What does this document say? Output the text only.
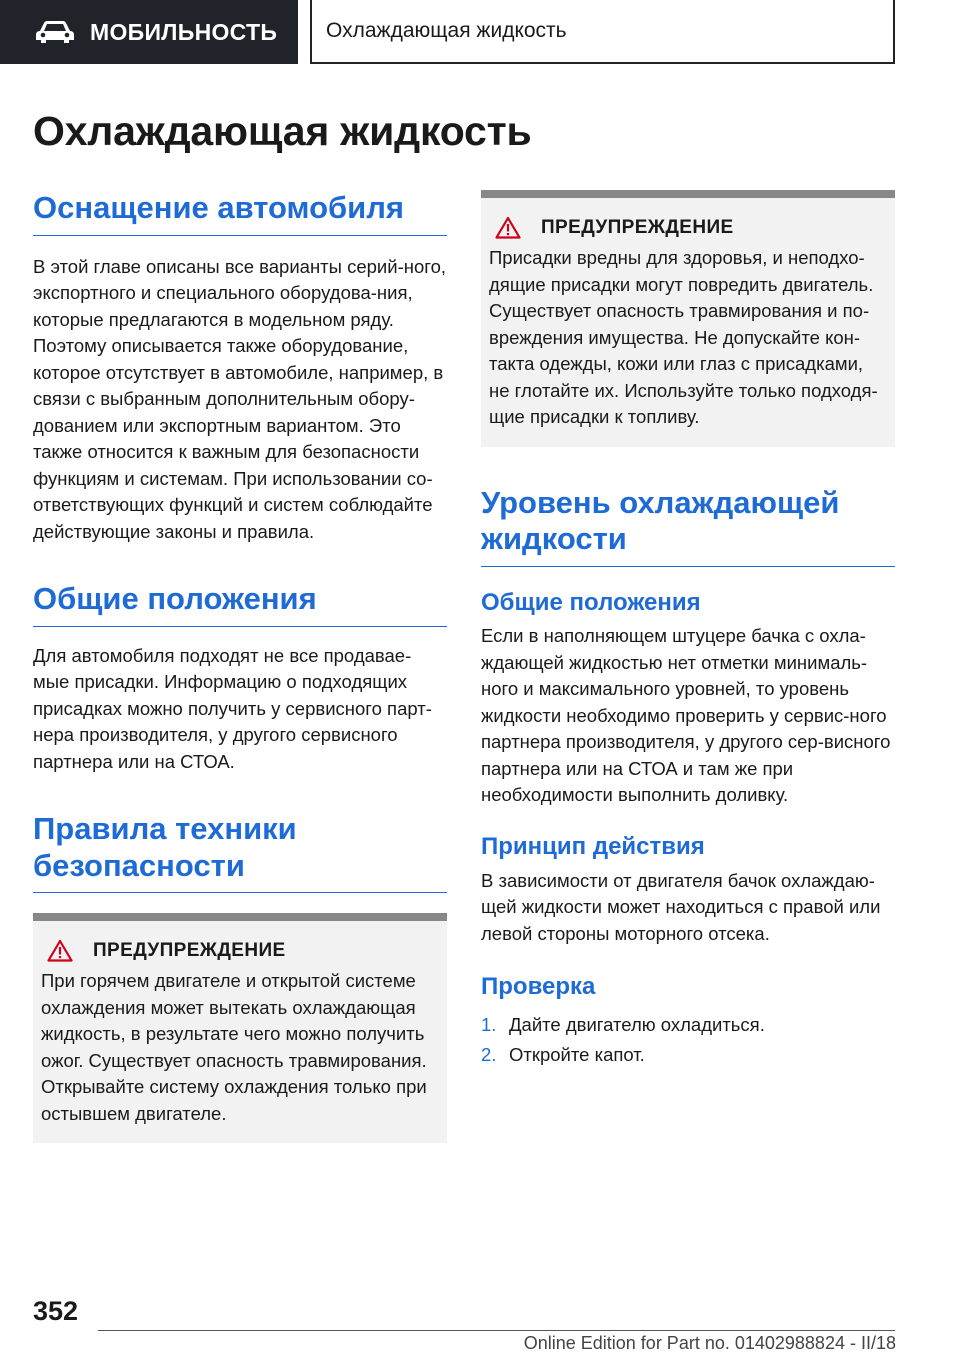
МОБИЛЬНОСТЬ	Охлаждающая жидкость
Охлаждающая жидкость
Оснащение автомобиля

В этой главе описаны все варианты серий-ного, экспортного и специального оборудова-ния, которые предлагаются в модельном ряду. Поэтому описывается также оборудование, которое отсутствует в автомобиле, например, в связи с выбранным дополнительным обору-дованием или экспортным вариантом. Это также относится к важным для безопасности функциям и системам. При использовании со-ответствующих функций и систем соблюдайте действующие законы и правила.

Общие положения

Для автомобиля подходят не все продавае-мые присадки. Информацию о подходящих присадках можно получить у сервисного парт-нера производителя, у другого сервисного партнера или на СТОА.

Правила техники безопасности
ПРЕДУПРЕЖДЕНИЕ

При горячем двигателе и открытой системе охлаждения может вытекать охлаждающая жидкость, в результате чего можно получить ожог. Существует опасность травмирования. Открывайте систему охлаждения только при остывшем двигателе.

ПРЕДУПРЕЖДЕНИЕ

Присадки вредны для здоровья, и неподхо-дящие присадки могут повредить двигатель. Существует опасность травмирования и по-вреждения имущества. Не допускайте кон-такта одежды, кожи или глаз с присадками, не глотайте их. Используйте только подходя-щие присадки к топливу.

Уровень охлаждающей жидкости
Общие положения

Если в наполняющем штуцере бачка с охла-ждающей жидкостью нет отметки минималь-ного и максимального уровней, то уровень жидкости необходимо проверить у сервис-ного партнера производителя, у другого сер-висного партнера или на СТОА и там же при необходимости выполнить доливку.

Принцип действия

В зависимости от двигателя бачок охлаждаю-щей жидкости может находиться с правой или левой стороны моторного отсека.

Проверка
1. Дайте двигателю охладиться.
2. Откройте капот.
352
Online Edition for Part no. 01402988824 - II/18
